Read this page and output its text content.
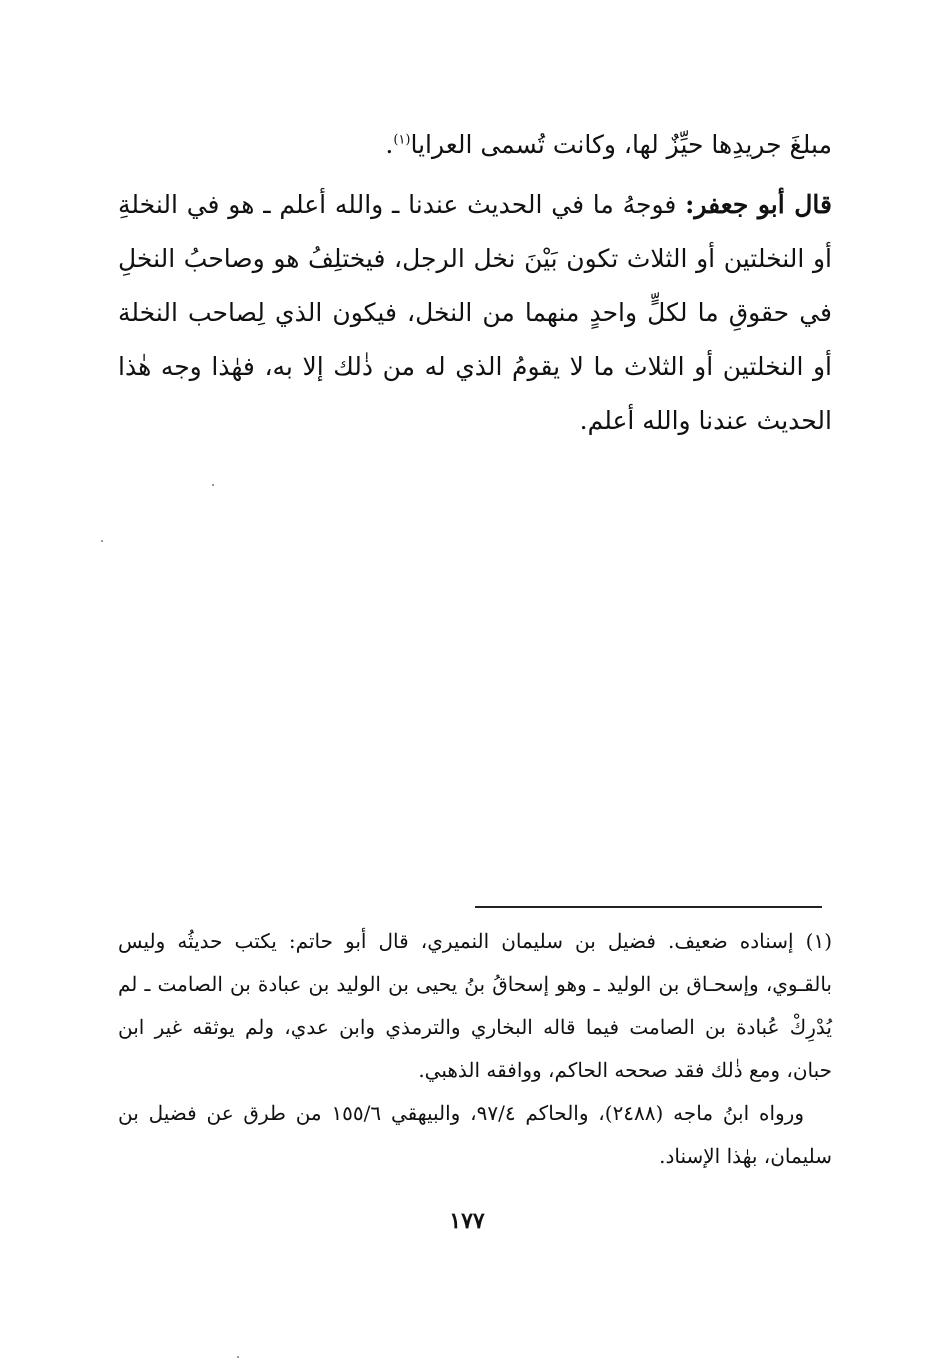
مبلغَ جريدِها حيِّزٌ لها، وكانت تُسمى العرايا$^{(١)}$.

قال أبو جعفر: فوجهُ ما في الحديث عندنا ـ والله أعلم ـ هو في النخلةِ أو النخلتين أو الثلاث تكون بَيْنَ نخل الرجل، فيختلِفُ هو وصاحبُ النخلِ في حقوقِ ما لكلٍّ واحدٍ منهما من النخل، فيكون الذي لِصاحب النخلة أو النخلتين أو الثلاث ما لا يقومُ الذي له من ذٰلك إلا به، فهٰذا وجه هٰذا الحديث عندنا والله أعلم.

(١) إسناده ضعيف. فضيل بن سليمان النميري، قال أبو حاتم: يكتب حديثُه وليس بالقـوي، وإسحـاق بن الوليد ـ وهو إسحاقُ بنُ يحيى بن الوليد بن عبادة بن الصامت ـ لم يُدْرِكْ عُبادة بن الصامت فيما قاله البخاري والترمذي وابن عدي، ولم يوثقه غير ابن حبان، ومع ذٰلك فقد صححه الحاكم، ووافقه الذهبي.

ورواه ابنُ ماجه (٢٤٨٨)، والحاكم ٩٧/٤، والبيهقي ١٥٥/٦ من طرق عن فضيل بن سليمان، بهٰذا الإسناد.

١٧٧
